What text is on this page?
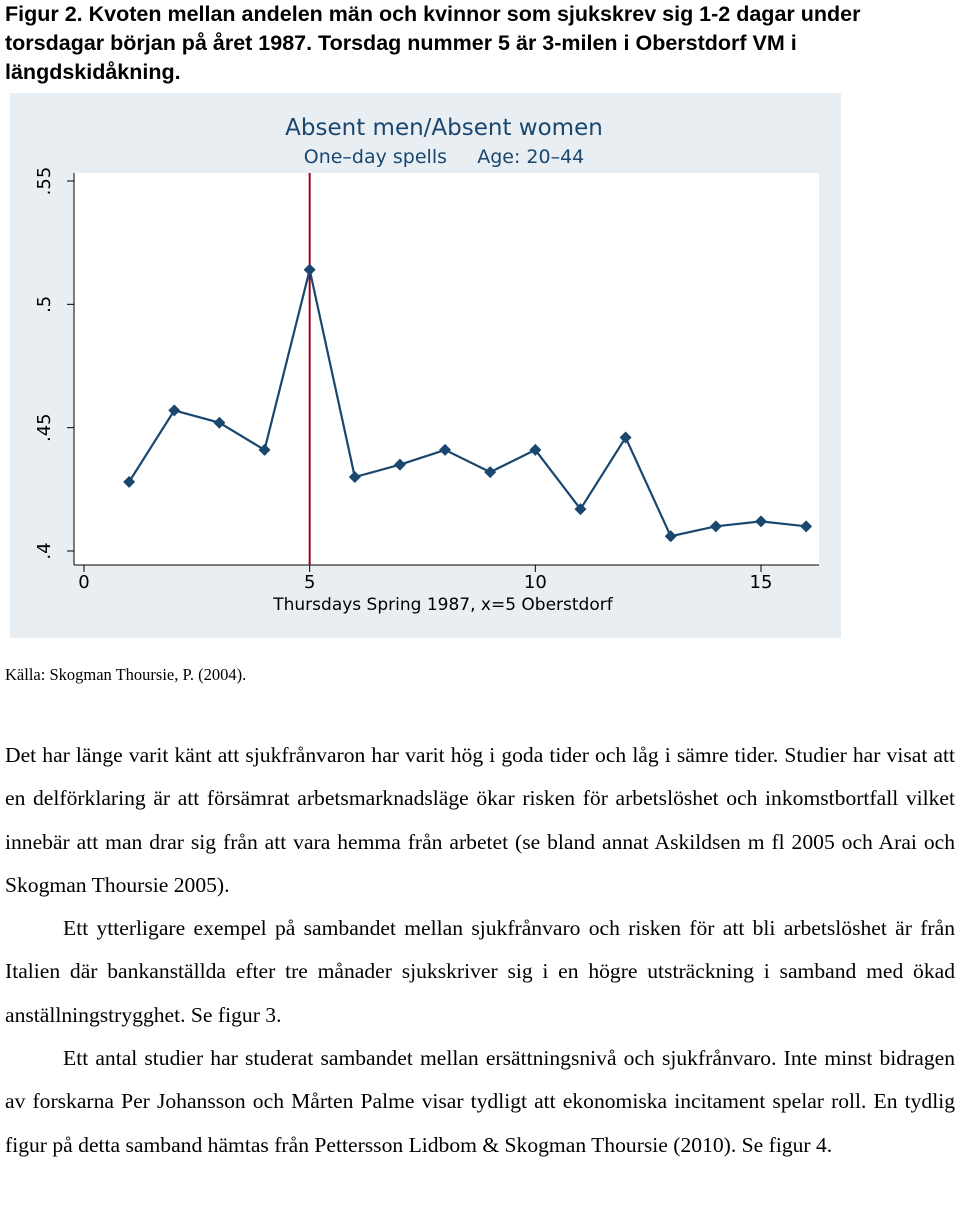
Figur 2. Kvoten mellan andelen män och kvinnor som sjukskrev sig 1-2 dagar under torsdagar början på året 1987. Torsdag nummer 5 är 3-milen i Oberstdorf VM i längdskidåkning.
Absent men/Absent women
One–day spells     Age: 20–44
.4
.45
.5
.55
0	5	10	15
Thursdays Spring 1987, x=5 Oberstdorf
Källa: Skogman Thoursie, P. (2004).

Det har länge varit känt att sjukfrånvaron har varit hög i goda tider och låg i sämre tider. Studier har visat att en delförklaring är att försämrat arbetsmarknadsläge ökar risken för arbetslöshet och inkomstbortfall vilket innebär att man drar sig från att vara hemma från arbetet (se bland annat Askildsen m fl 2005 och Arai och Skogman Thoursie 2005).

Ett ytterligare exempel på sambandet mellan sjukfrånvaro och risken för att bli arbetslöshet är från Italien där bankanställda efter tre månader sjukskriver sig i en högre utsträckning i samband med ökad anställningstrygghet. Se figur 3.

Ett antal studier har studerat sambandet mellan ersättningsnivå och sjukfrånvaro. Inte minst bidragen av forskarna Per Johansson och Mårten Palme visar tydligt att ekonomiska incitament spelar roll. En tydlig figur på detta samband hämtas från Pettersson Lidbom & Skogman Thoursie (2010). Se figur 4.
